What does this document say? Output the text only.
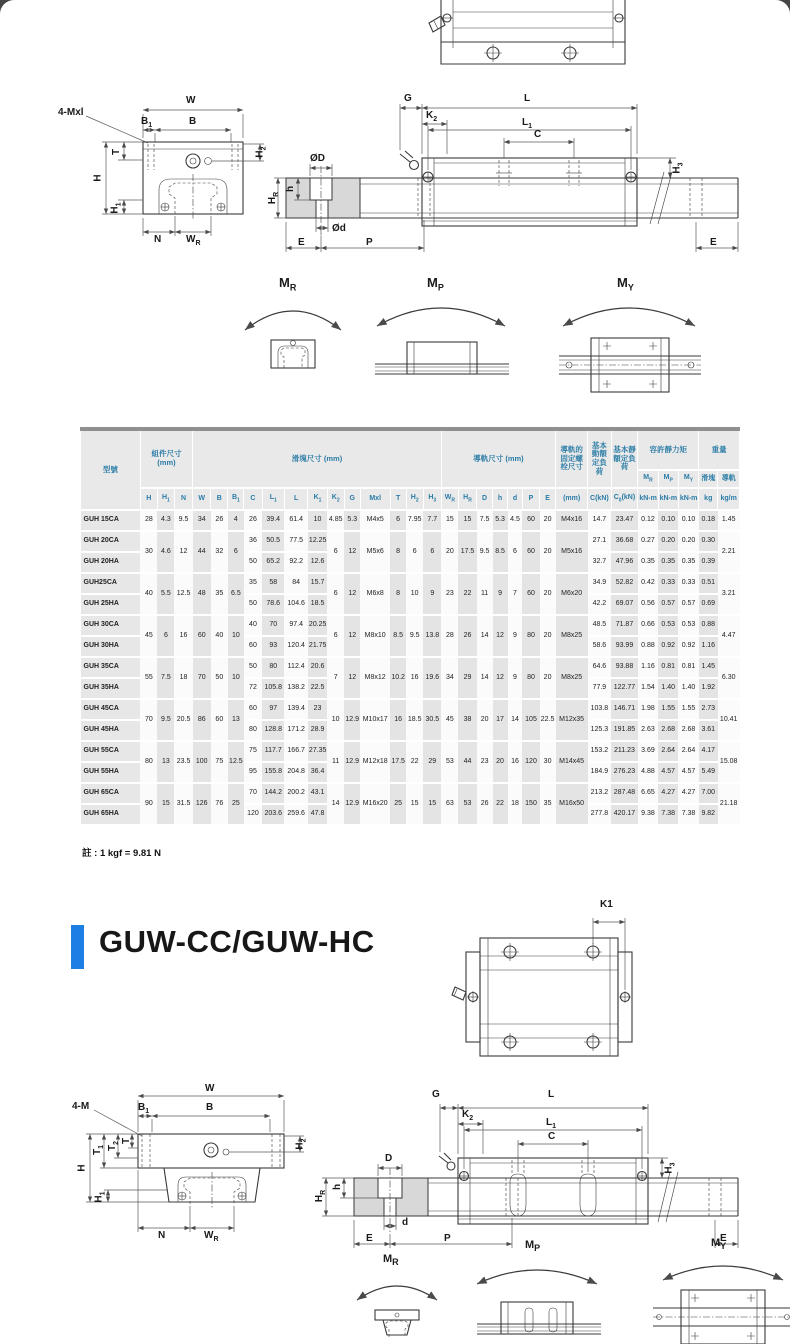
4-Mxl
W
$B_1$	B
T
H
$H_1$
$H_2$
N $W_R$
G	L
$K_2$	$L_1$
C
ØD
h
$H_R$
Ød
E	P
$H_3$
E
$M_R$	$M_P$	$M_Y$
型號	組件尺寸 (mm)			滑塊尺寸 (mm)													導軌尺寸 (mm)							導軌的固定螺栓尺寸	基本動額定負荷	基本靜額定負荷	容許靜力矩			重量	
																											$M_R$	$M_P$	$M_Y$	滑塊	導軌
	H	$H_1$	N	W	B	$B_1$	C	$L_1$	L	$K_1$	$K_2$	G	Mxl	T	$H_2$	$H_3$	$W_R$	$H_R$	D	h	d	P	E	(mm)	C(kN)	$C_0(kN)$	kN-m	kN-m	kN-m	kg	kg/m
GUH 15CA	28	4.3	9.5	34	26	4	26	39.4	61.4	10	4.85	5.3	M4x5	6	7.95	7.7	15	15	7.5	5.3	4.5	60	20	M4x16	14.7	23.47	0.12	0.10	0.10	0.18	1.45
GUH 20CA	30	4.6	12	44	32	6	36	50.5	77.5	12.25	6	12	M5x6	8	6	6	20	17.5	9.5	8.5	6	60	20	M5x16	27.1	36.68	0.27	0.20	0.20	0.30	2.21
GUH 20HA							50	65.2	92.2	12.6															32.7	47.96	0.35	0.35	0.35	0.39	
GUH25CA	40	5.5	12.5	48	35	6.5	35	58	84	15.7	6	12	M6x8	8	10	9	23	22	11	9	7	60	20	M6x20	34.9	52.82	0.42	0.33	0.33	0.51	3.21
GUH 25HA							50	78.6	104.6	18.5															42.2	69.07	0.56	0.57	0.57	0.69	
GUH 30CA	45	6	16	60	40	10	40	70	97.4	20.25	6	12	M8x10	8.5	9.5	13.8	28	26	14	12	9	80	20	M8x25	48.5	71.87	0.66	0.53	0.53	0.88	4.47
GUH 30HA							60	93	120.4	21.75															58.6	93.99	0.88	0.92	0.92	1.16	
GUH 35CA	55	7.5	18	70	50	10	50	80	112.4	20.6	7	12	M8x12	10.2	16	19.6	34	29	14	12	9	80	20	M8x25	64.6	93.88	1.16	0.81	0.81	1.45	6.30
GUH 35HA							72	105.8	138.2	22.5															77.9	122.77	1.54	1.40	1.40	1.92	
GUH 45CA	70	9.5	20.5	86	60	13	60	97	139.4	23	10	12.9	M10x17	16	18.5	30.5	45	38	20	17	14	105	22.5	M12x35	103.8	146.71	1.98	1.55	1.55	2.73	10.41
GUH 45HA							80	128.8	171.2	28.9															125.3	191.85	2.63	2.68	2.68	3.61	
GUH 55CA	80	13	23.5	100	75	12.5	75	117.7	166.7	27.35	11	12.9	M12x18	17.5	22	29	53	44	23	20	16	120	30	M14x45	153.2	211.23	3.69	2.64	2.64	4.17	15.08
GUH 55HA							95	155.8	204.8	36.4															184.9	276.23	4.88	4.57	4.57	5.49	
GUH 65CA	90	15	31.5	126	76	25	70	144.2	200.2	43.1	14	12.9	M16x20	25	15	15	63	53	26	22	18	150	35	M16x50	213.2	287.48	6.65	4.27	4.27	7.00	21.18
GUH 65HA							120	203.6	259.6	47.8															277.8	420.17	9.38	7.38	7.38	9.82	
註 : 1 kgf = 9.81 N
GUW-CC/GUW-HC
K1
4-M
W
$B_1$	B
$T_1$ $T_2$ T
H
$H_1$
$H_2$
N	$W_R$
G	L
$K_2$	$L_1$
C
D
h
$H_R$
d
E	P
$H_3$
E
$M_R$
$M_P$	$M_Y$
